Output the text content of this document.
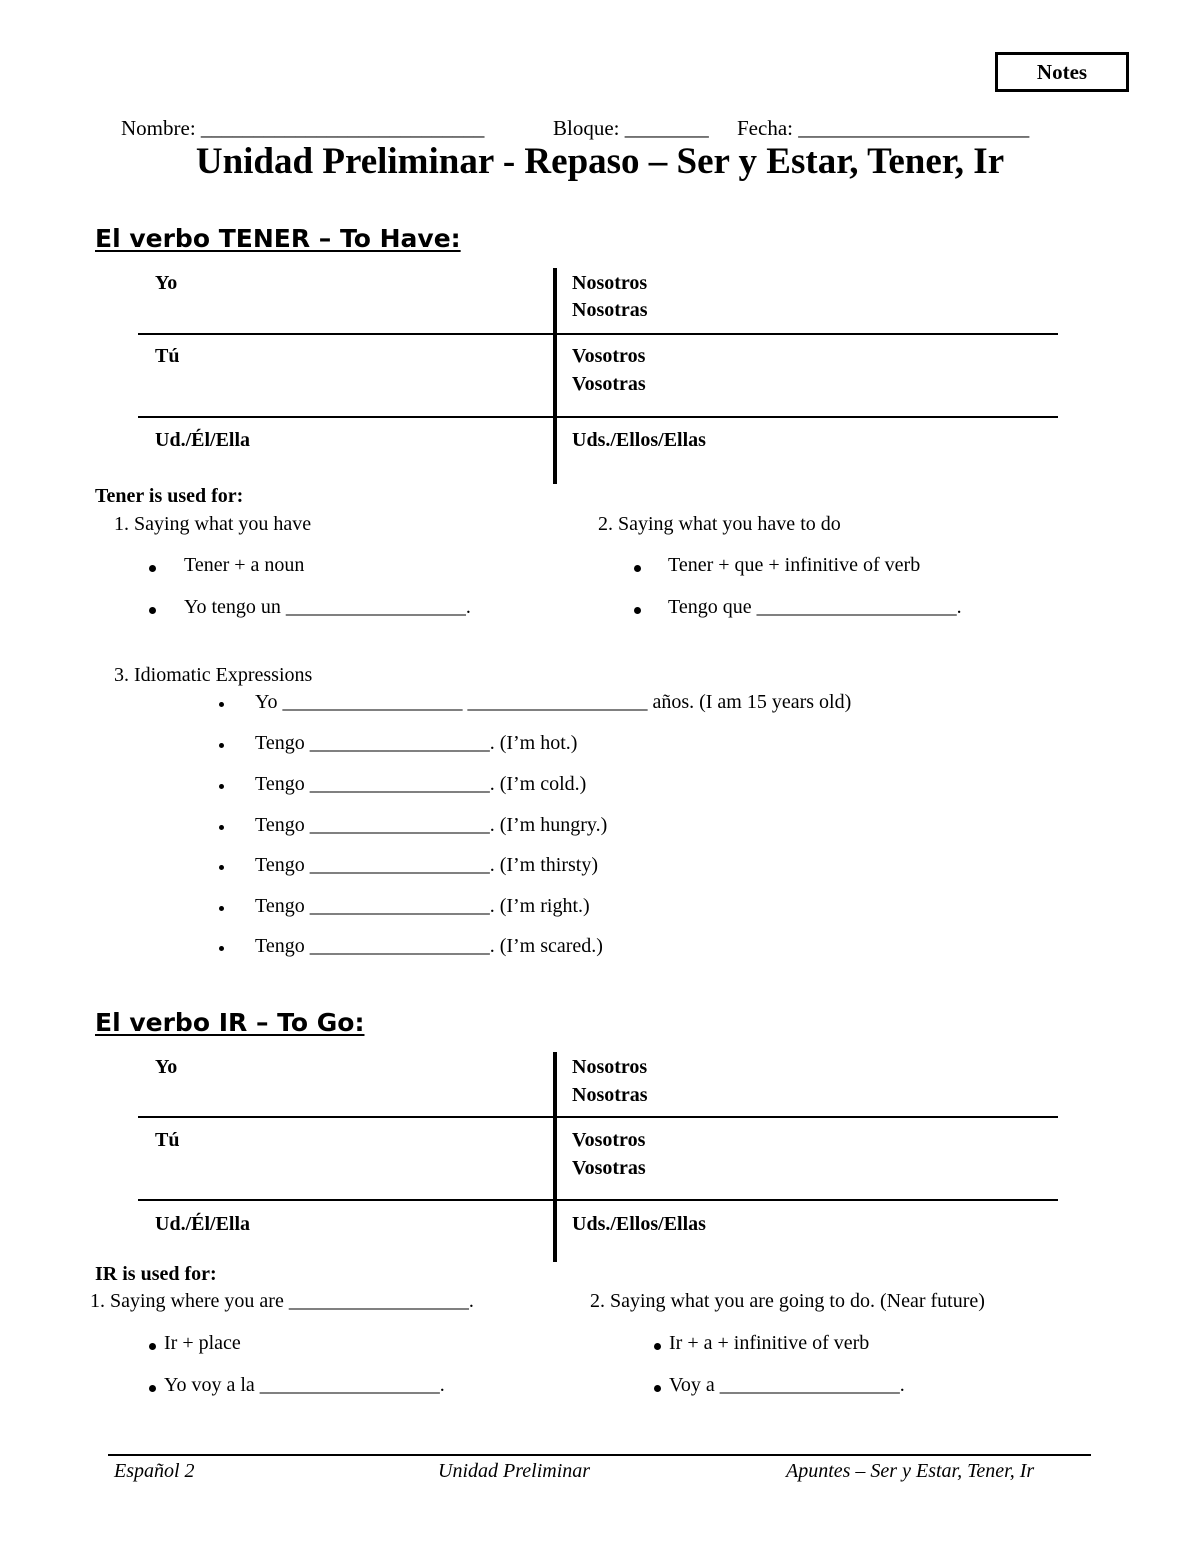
Notes
Nombre: ___________________________	Bloque: ________ Fecha: ______________________
Unidad Preliminar - Repaso – Ser y Estar, Tener, Ir
El verbo TENER – To Have:
Yo	Nosotros
Nosotras
Tú	Vosotros
Vosotras
Ud./Él/Ella	Uds./Ellos/Ellas
Tener is used for:
1. Saying what you have
Tener + a noun
Yo tengo un __________________.
2. Saying what you have to do
Tener + que + infinitive of verb
Tengo que ____________________.
3. Idiomatic Expressions
Yo __________________ __________________ años. (I am 15 years old)
Tengo __________________. (I’m hot.)
Tengo __________________. (I’m cold.)
Tengo __________________. (I’m hungry.)
Tengo __________________. (I’m thirsty)
Tengo __________________. (I’m right.)
Tengo __________________. (I’m scared.)
El verbo IR – To Go:
Yo	Nosotros
Nosotras
Tú	Vosotros
Vosotras
Ud./Él/Ella	Uds./Ellos/Ellas
IR is used for:
1. Saying where you are __________________.
Ir + place
Yo voy a la __________________.
2. Saying what you are going to do. (Near future)
Ir + a + infinitive of verb
Voy a __________________.
Español 2	Unidad Preliminar	Apuntes – Ser y Estar, Tener, Ir
